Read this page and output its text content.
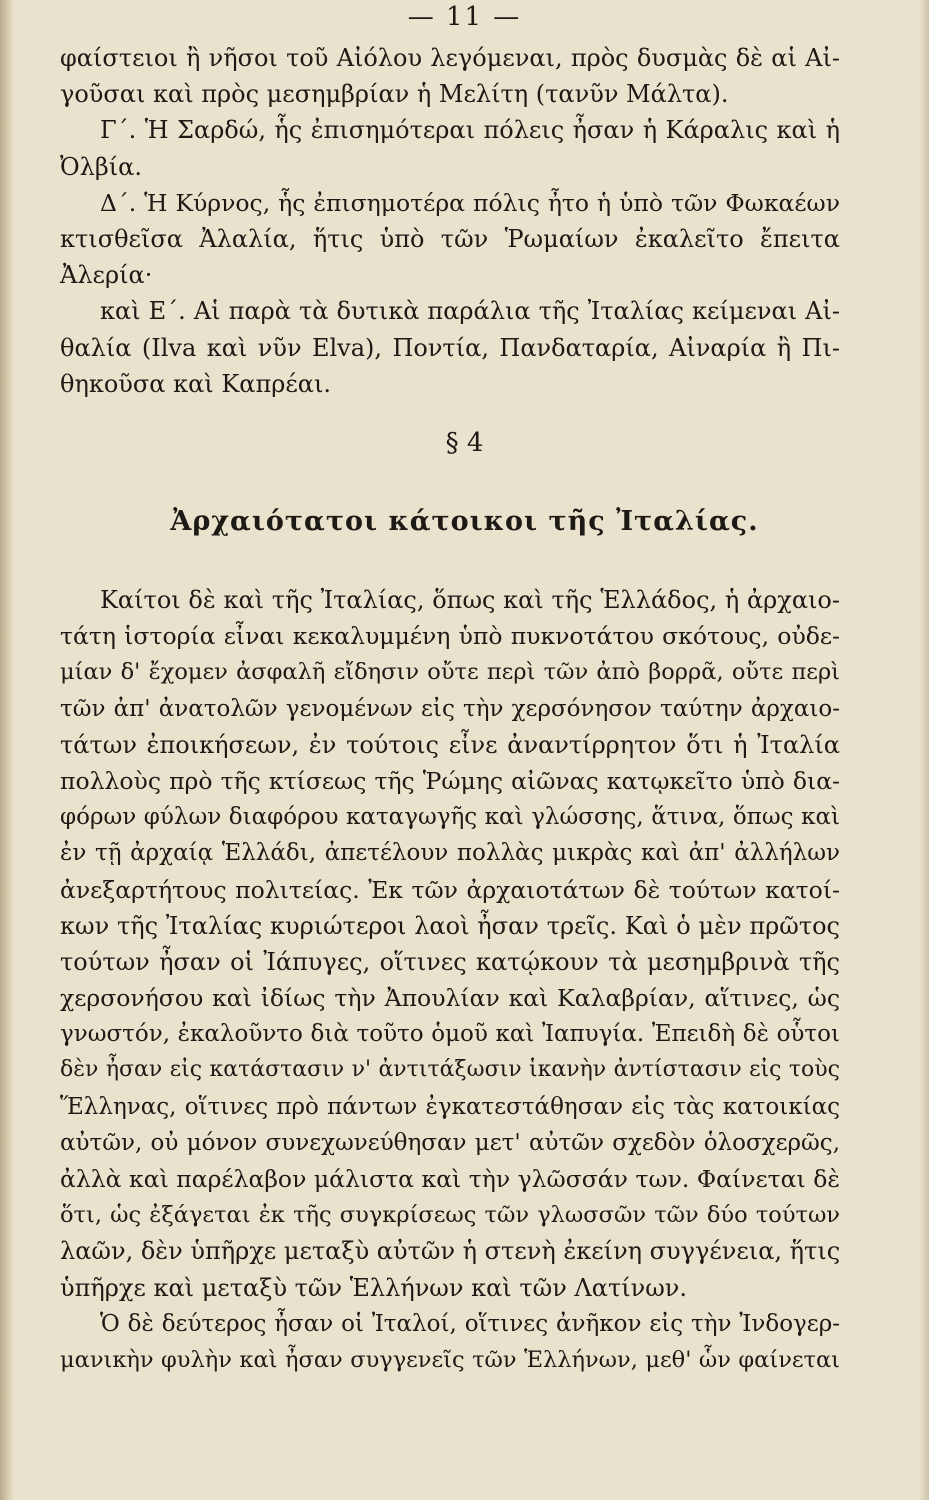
— 11 —
φαίστειοι ἢ νῆσοι τοῦ Αἰόλου λεγόμεναι, πρὸς δυσμὰς δὲ αἱ Αἰ-
γοῦσαι καὶ πρὸς μεσημβρίαν ἡ Μελίτη (τανῦν Μάλτα).
Γ΄. Ἡ Σαρδώ, ἧς ἐπισημότεραι πόλεις ἦσαν ἡ Κάραλις καὶ ἡ
Ὀλβία.
Δ΄. Ἡ Κύρνος, ἧς ἐπισημοτέρα πόλις ἦτο ἡ ὑπὸ τῶν Φωκαέων
κτισθεῖσα Ἀλαλία, ἥτις ὑπὸ τῶν Ῥωμαίων ἐκαλεῖτο ἔπειτα
Ἀλερία·
καὶ Ε΄. Αἱ παρὰ τὰ δυτικὰ παράλια τῆς Ἰταλίας κείμεναι Αἰ-
θαλία (Ilva καὶ νῦν Elva), Ποντία, Πανδαταρία, Αἰναρία ἢ Πι-
θηκοῦσα καὶ Καπρέαι.
§ 4
Ἀρχαιότατοι κάτοικοι τῆς Ἰταλίας.
Καίτοι δὲ καὶ τῆς Ἰταλίας, ὅπως καὶ τῆς Ἑλλάδος, ἡ ἀρχαιο-
τάτη ἱστορία εἶναι κεκαλυμμένη ὑπὸ πυκνοτάτου σκότους, οὐδε-
μίαν δ' ἔχομεν ἀσφαλῆ εἴδησιν οὔτε περὶ τῶν ἀπὸ βορρᾶ, οὔτε περὶ
τῶν ἀπ' ἀνατολῶν γενομένων εἰς τὴν χερσόνησον ταύτην ἀρχαιο-
τάτων ἐποικήσεων, ἐν τούτοις εἶνε ἀναντίρρητον ὅτι ἡ Ἰταλία
πολλοὺς πρὸ τῆς κτίσεως τῆς Ῥώμης αἰῶνας κατῳκεῖτο ὑπὸ δια-
φόρων φύλων διαφόρου καταγωγῆς καὶ γλώσσης, ἅτινα, ὅπως καὶ
ἐν τῇ ἀρχαίᾳ Ἑλλάδι, ἀπετέλουν πολλὰς μικρὰς καὶ ἀπ' ἀλλήλων
ἀνεξαρτήτους πολιτείας. Ἐκ τῶν ἀρχαιοτάτων δὲ τούτων κατοί-
κων τῆς Ἰταλίας κυριώτεροι λαοὶ ἦσαν τρεῖς. Καὶ ὁ μὲν πρῶτος
τούτων ἦσαν οἱ Ἰάπυγες, οἵτινες κατῴκουν τὰ μεσημβρινὰ τῆς
χερσονήσου καὶ ἰδίως τὴν Ἀπουλίαν καὶ Καλαβρίαν, αἵτινες, ὡς
γνωστόν, ἐκαλοῦντο διὰ τοῦτο ὁμοῦ καὶ Ἰαπυγία. Ἐπειδὴ δὲ οὗτοι
δὲν ἦσαν εἰς κατάστασιν ν' ἀντιτάξωσιν ἱκανὴν ἀντίστασιν εἰς τοὺς
Ἕλληνας, οἵτινες πρὸ πάντων ἐγκατεστάθησαν εἰς τὰς κατοικίας
αὐτῶν, οὐ μόνον συνεχωνεύθησαν μετ' αὐτῶν σχεδὸν ὁλοσχερῶς,
ἀλλὰ καὶ παρέλαβον μάλιστα καὶ τὴν γλῶσσάν των. Φαίνεται δὲ
ὅτι, ὡς ἐξάγεται ἐκ τῆς συγκρίσεως τῶν γλωσσῶν τῶν δύο τούτων
λαῶν, δὲν ὑπῆρχε μεταξὺ αὐτῶν ἡ στενὴ ἐκείνη συγγένεια, ἥτις
ὑπῆρχε καὶ μεταξὺ τῶν Ἑλλήνων καὶ τῶν Λατίνων.
Ὁ δὲ δεύτερος ἦσαν οἱ Ἰταλοί, οἵτινες ἀνῆκον εἰς τὴν Ἰνδογερ-
μανικὴν φυλὴν καὶ ἦσαν συγγενεῖς τῶν Ἑλλήνων, μεθ' ὧν φαίνεται
